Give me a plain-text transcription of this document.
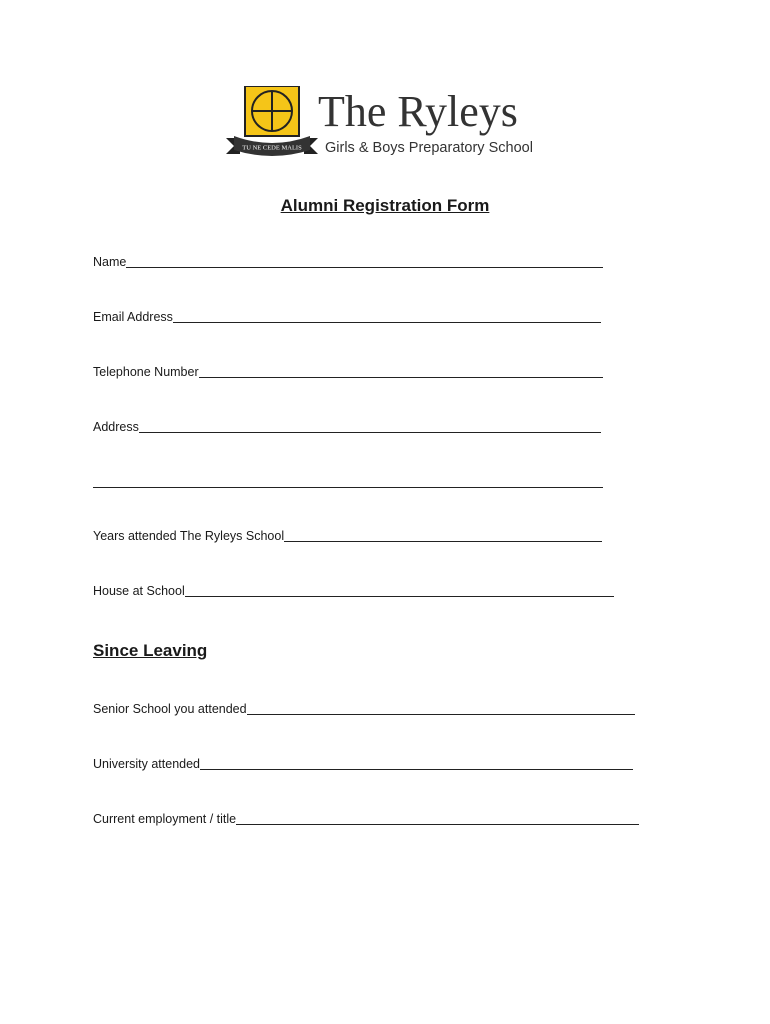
TU NE CEDE MALIS
The Ryleys
Girls & Boys Preparatory School
Alumni Registration Form
Name
Email Address
Telephone Number
Address
Years attended The Ryleys School
House at School
Since Leaving
Senior School you attended
University attended
Current employment / title
